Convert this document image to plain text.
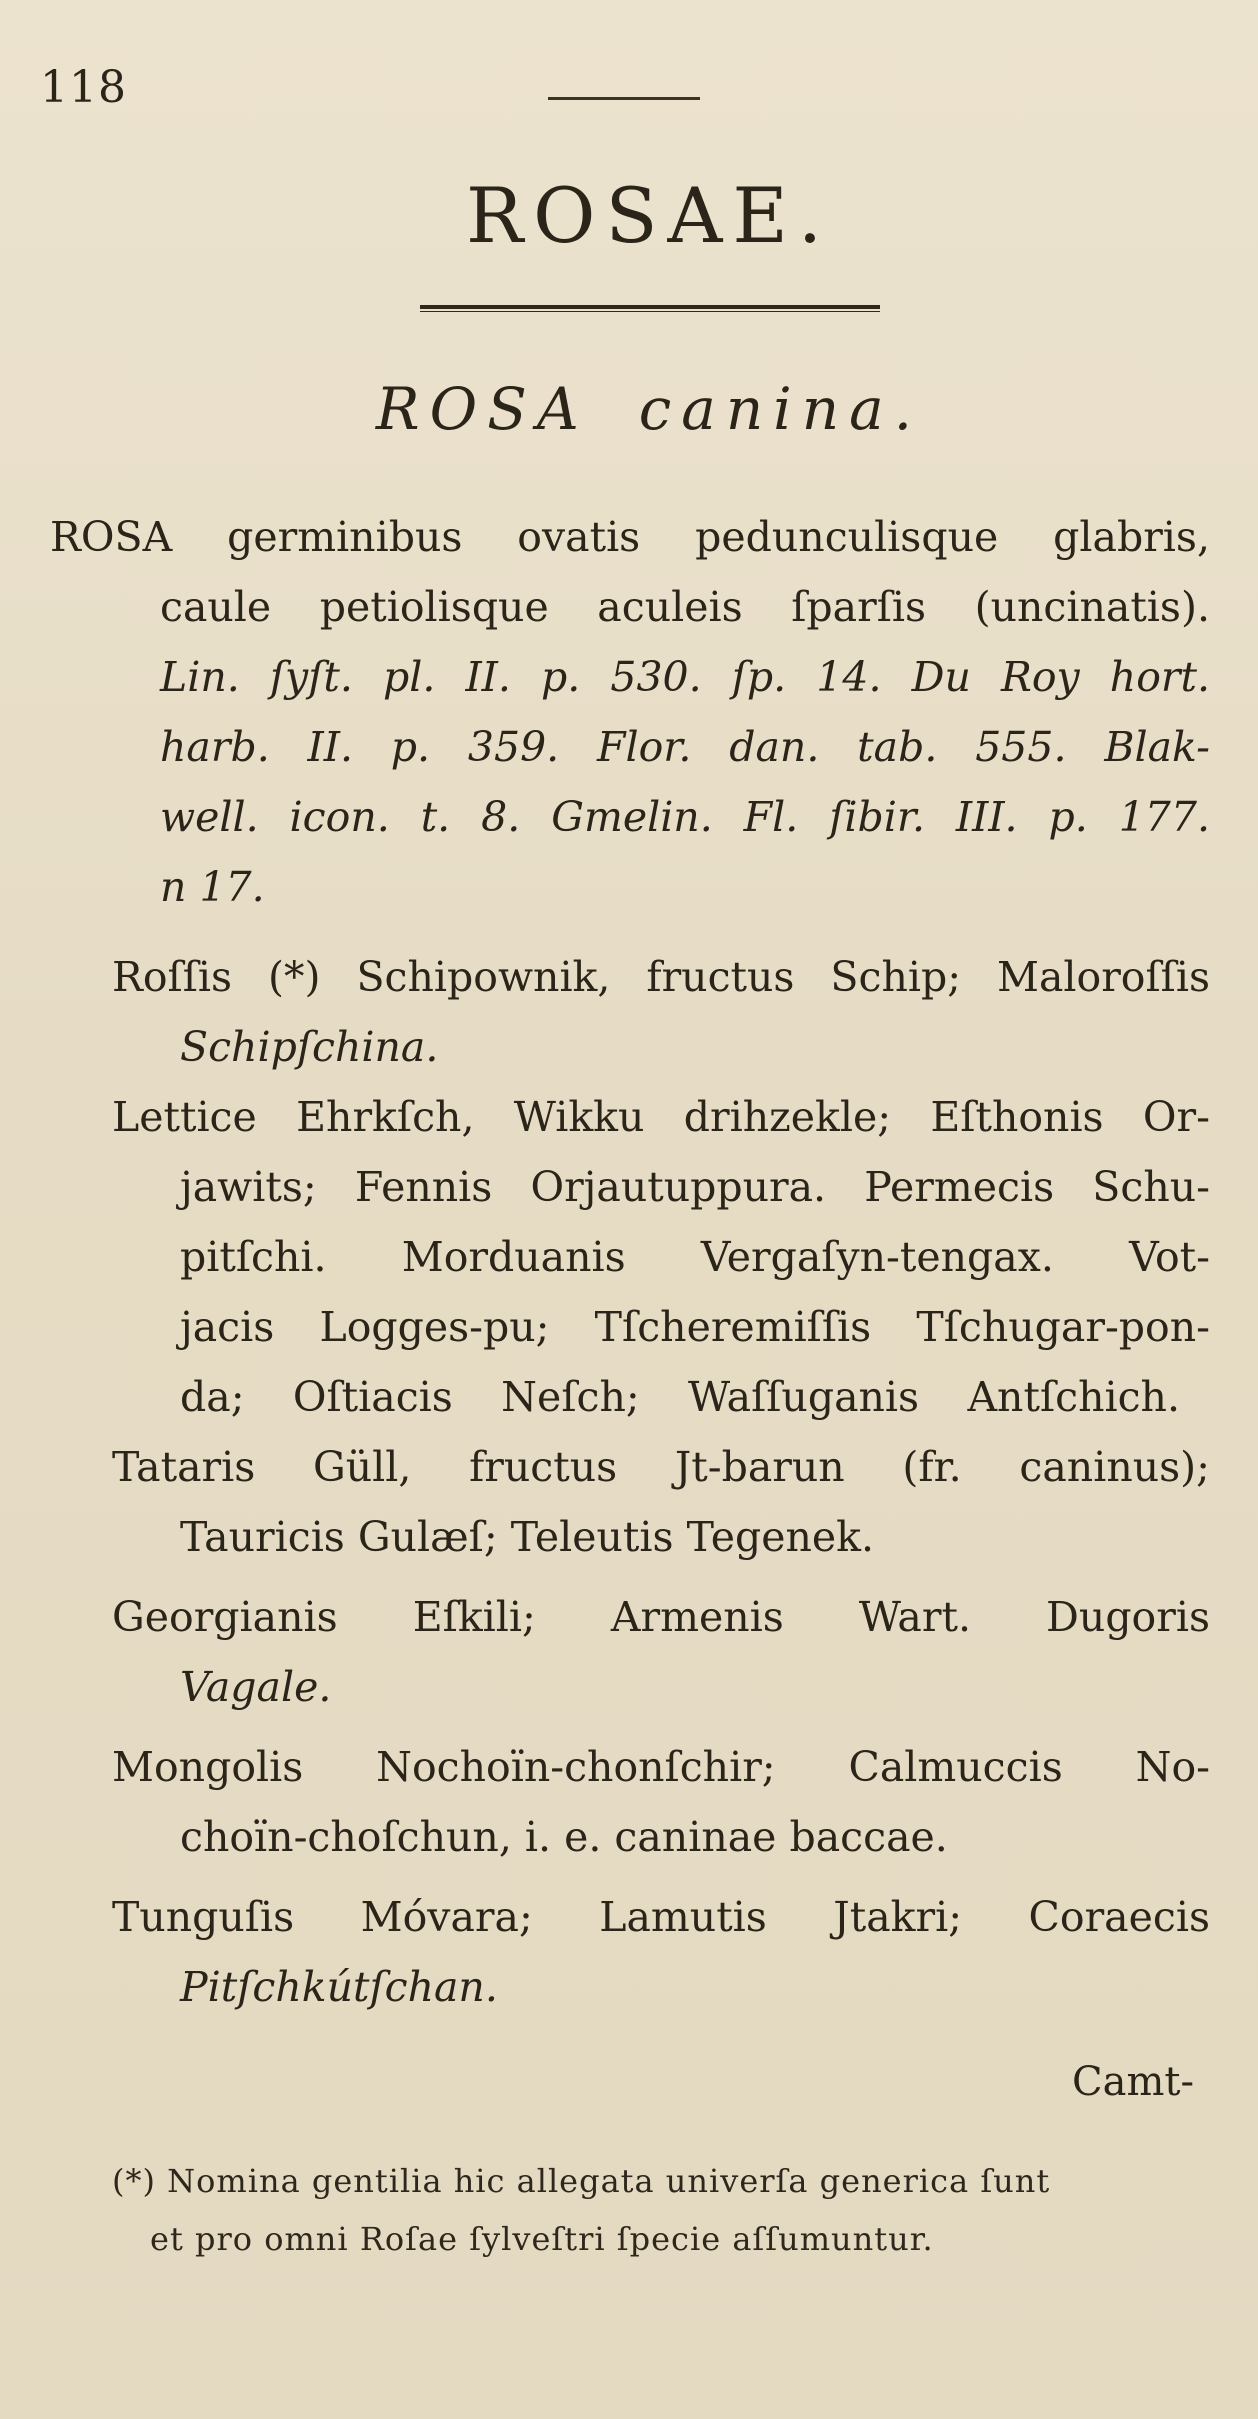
118
ROSAE.
ROSA canina.
ROSA germinibus ovatis pedunculisque glabris,
caule petiolisque aculeis ſparſis (uncinatis).
Lin. ſyſt. pl. II. p. 530. ſp. 14. Du Roy hort.
harb. II. p. 359. Flor. dan. tab. 555. Blak-
well. icon. t. 8. Gmelin. Fl. ſibir. III. p. 177.
n 17.
Roſſis (*) Schipownik, fructus Schip; Maloroſſis
Schipſchina.
Lettice Ehrkſch, Wikku drihzekle; Eſthonis Or-
jawits; Fennis Orjautuppura. Permecis Schu-
pitſchi. Morduanis Vergaſyn-tengax. Vot-
jacis Logges-pu; Tſcheremiſſis Tſchugar-pon-
da; Oſtiacis Neſch; Waſſuganis Antſchich.
Tataris Güll, fructus Jt-barun (fr. caninus);
Tauricis Gulæſ; Teleutis Tegenek.
Georgianis Eſkili; Armenis Wart. Dugoris
Vagale.
Mongolis Nochoïn-chonſchir; Calmuccis No-
choïn-choſchun, i. e. caninae baccae.
Tunguſis Móvara; Lamutis Jtakri; Coraecis
Pitſchkútſchan.
Camt-
(*) Nomina gentilia hic allegata univerſa generica ſunt
et pro omni Roſae ſylveſtri ſpecie aſſumuntur.
